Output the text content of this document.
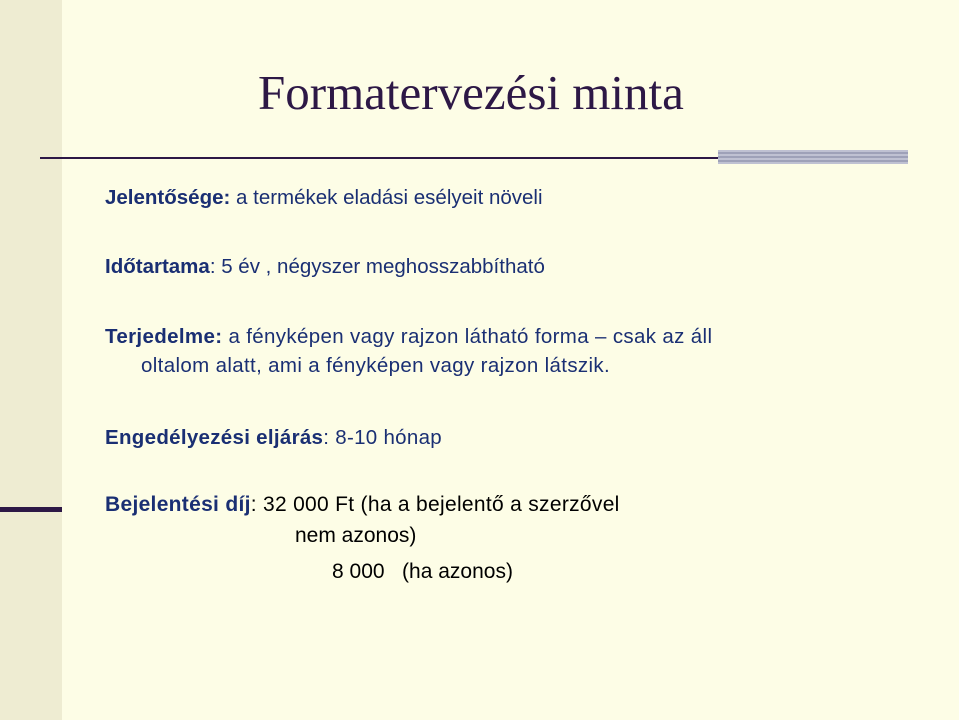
Formatervezési minta

Jelentősége: a termékek eladási esélyeit növeli

Időtartama: 5 év , négyszer meghosszabbítható

Terjedelme: a fényképen vagy rajzon látható forma – csak az áll
oltalom alatt, ami a fényképen vagy rajzon látszik.

Engedélyezési eljárás: 8-10 hónap

Bejelentési díj: 32 000 Ft (ha a bejelentő a szerzővel

nem azonos)

8 000   (ha azonos)
